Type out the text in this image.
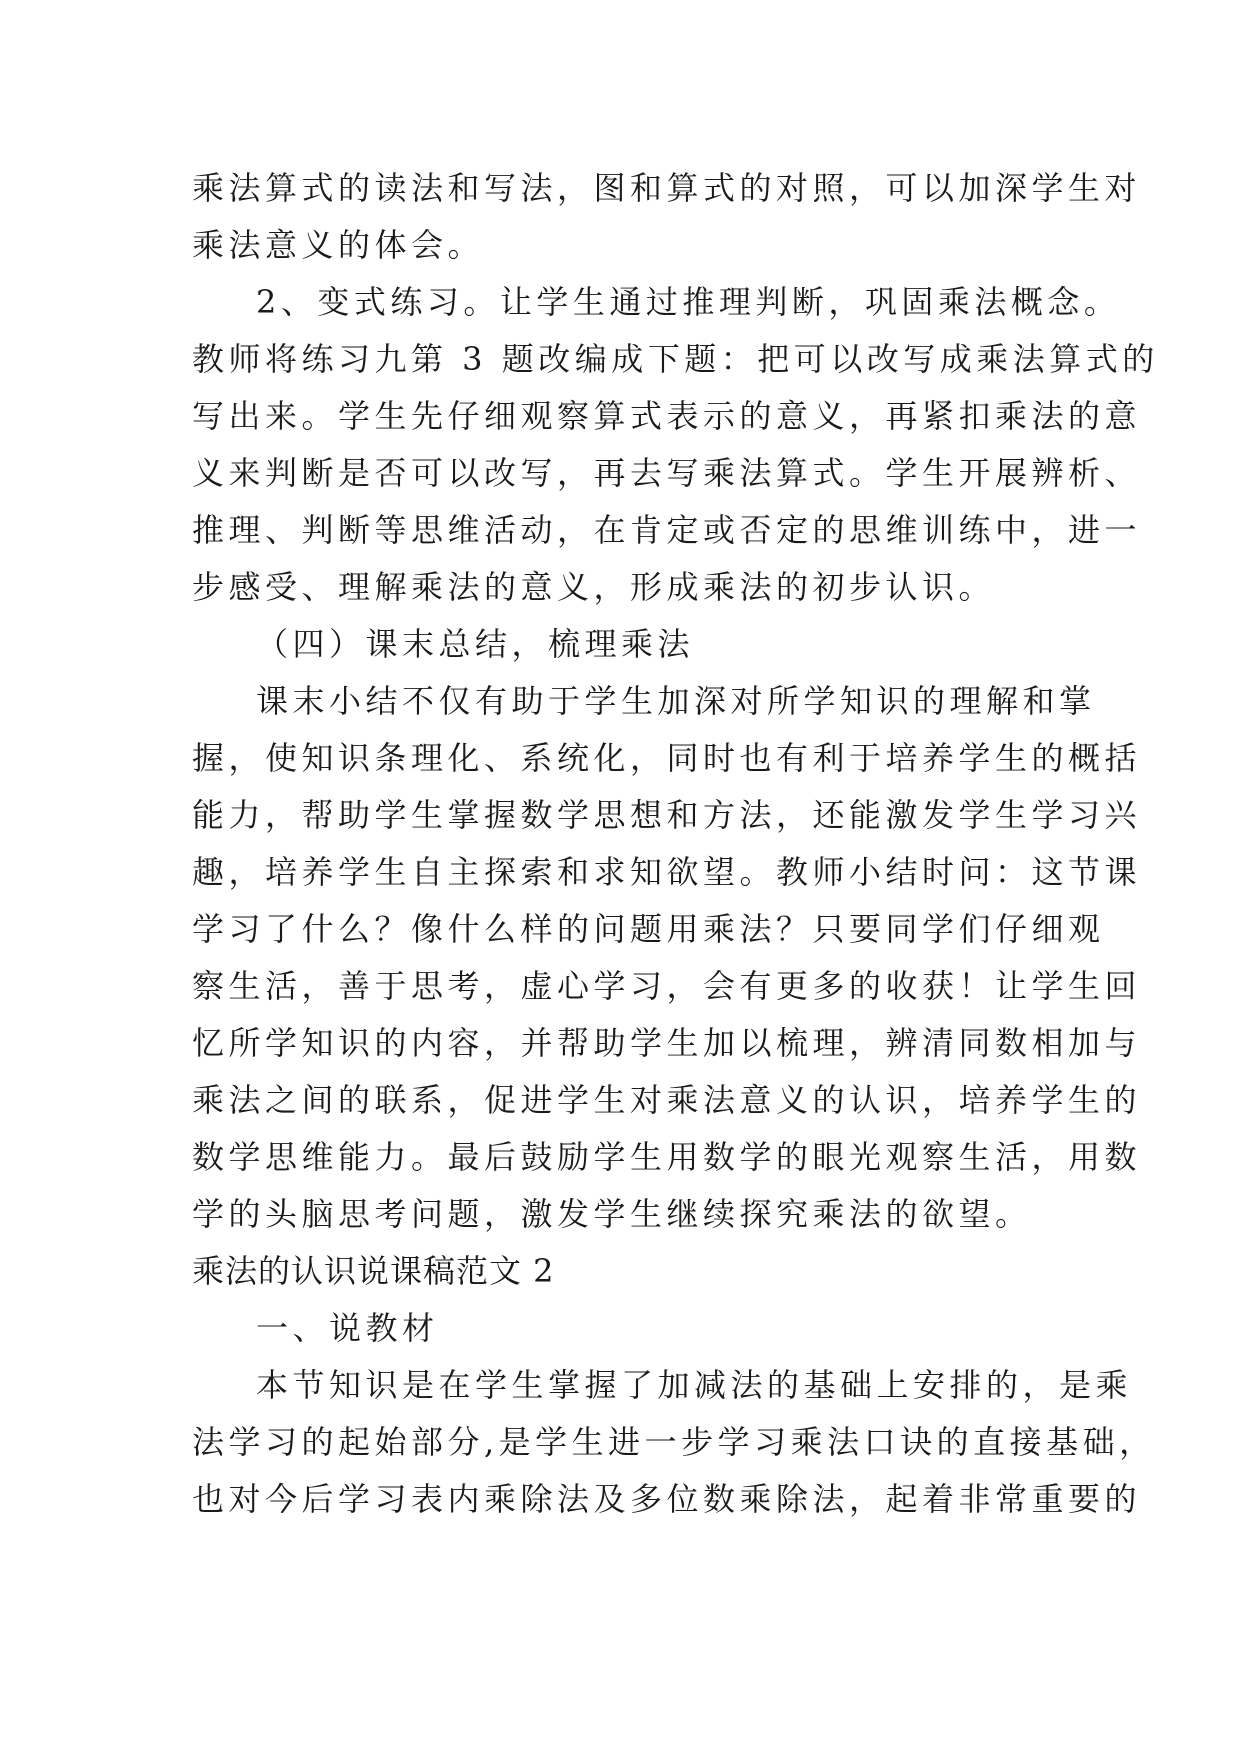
乘法算式的读法和写法，图和算式的对照，可以加深学生对
乘法意义的体会。
2、变式练习。让学生通过推理判断，巩固乘法概念。
教师将练习九第 3 题改编成下题：把可以改写成乘法算式的
写出来。学生先仔细观察算式表示的意义，再紧扣乘法的意
义来判断是否可以改写，再去写乘法算式。学生开展辨析、
推理、判断等思维活动，在肯定或否定的思维训练中，进一
步感受、理解乘法的意义，形成乘法的初步认识。
（四）课末总结，梳理乘法
课末小结不仅有助于学生加深对所学知识的理解和掌
握，使知识条理化、系统化，同时也有利于培养学生的概括
能力，帮助学生掌握数学思想和方法，还能激发学生学习兴
趣，培养学生自主探索和求知欲望。教师小结时问：这节课
学习了什么？像什么样的问题用乘法？只要同学们仔细观
察生活，善于思考，虚心学习，会有更多的收获！让学生回
忆所学知识的内容，并帮助学生加以梳理，辨清同数相加与
乘法之间的联系，促进学生对乘法意义的认识，培养学生的
数学思维能力。最后鼓励学生用数学的眼光观察生活，用数
学的头脑思考问题，激发学生继续探究乘法的欲望。
乘法的认识说课稿范文 2
一、说教材
本节知识是在学生掌握了加减法的基础上安排的，是乘
法学习的起始部分,是学生进一步学习乘法口诀的直接基础，
也对今后学习表内乘除法及多位数乘除法，起着非常重要的
